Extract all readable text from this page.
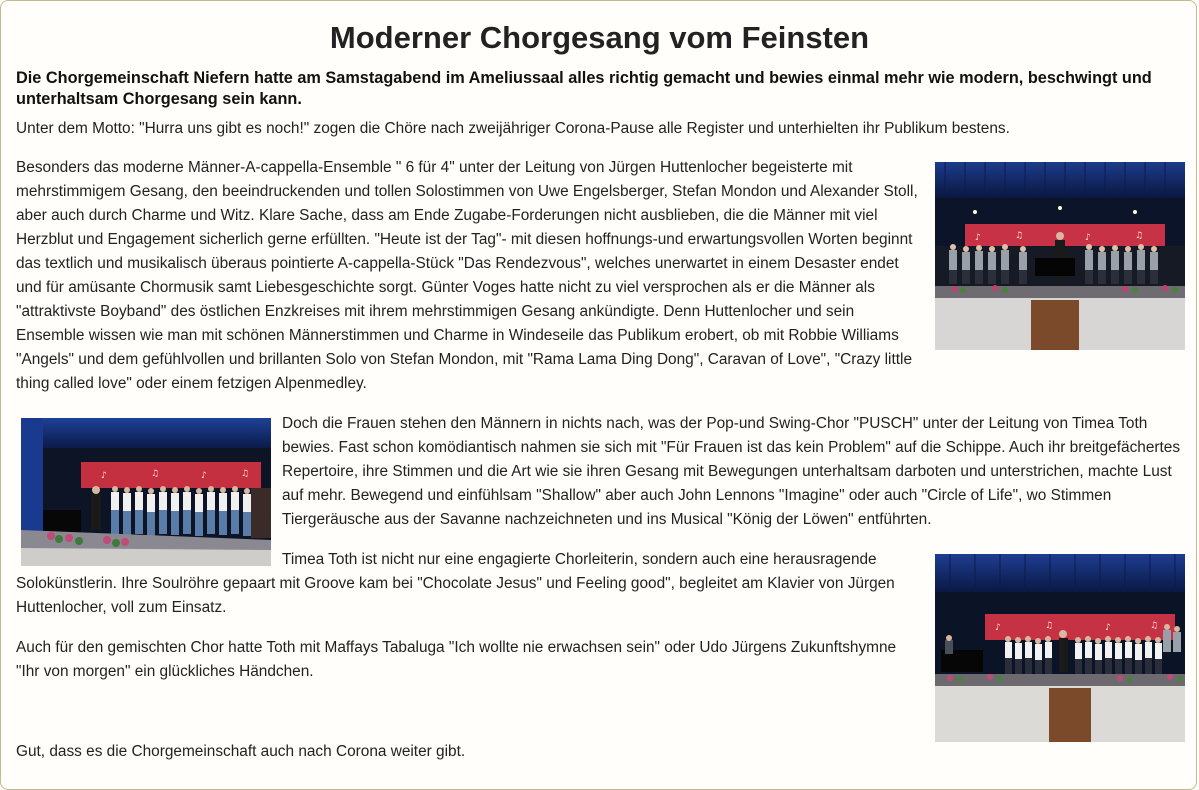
Moderner Chorgesang vom Feinsten

Die Chorgemeinschaft Niefern hatte am Samstagabend im Ameliussaal alles richtig gemacht und bewies einmal mehr wie modern, beschwingt und unterhaltsam Chorgesang sein kann.

Unter dem Motto: "Hurra uns gibt es noch!" zogen die Chöre nach zweijähriger Corona-Pause alle Register und unterhielten ihr Publikum bestens.

Besonders das moderne Männer-A-cappella-Ensemble " 6 für 4" unter der Leitung von Jürgen Huttenlocher begeisterte mit mehrstimmigem Gesang, den beeindruckenden und tollen Solostimmen von Uwe Engelsberger, Stefan Mondon und Alexander Stoll, aber auch durch Charme und Witz. Klare Sache, dass am Ende Zugabe-Forderungen nicht ausblieben, die die Männer mit viel Herzblut und Engagement sicherlich gerne erfüllten. "Heute ist der Tag"- mit diesen hoffnungs-und erwartungsvollen Worten beginnt das textlich und musikalisch überaus pointierte A-cappella-Stück "Das Rendezvous", welches unerwartet in einem Desaster endet und für amüsante Chormusik samt Liebesgeschichte sorgt. Günter Voges hatte nicht zu viel versprochen als er die Männer als "attraktivste Boyband" des östlichen Enzkreises mit ihrem mehrstimmigen Gesang ankündigte. Denn Huttenlocher und sein Ensemble wissen wie man mit schönen Männerstimmen und Charme in Windeseile das Publikum erobert, ob mit Robbie Williams "Angels" und dem gefühlvollen und brillanten Solo von Stefan Mondon, mit "Rama Lama Ding Dong", Caravan of Love", "Crazy little thing called love" oder einem fetzigen Alpenmedley.

Doch die Frauen stehen den Männern in nichts nach, was der Pop-und Swing-Chor "PUSCH" unter der Leitung von Timea Toth bewies. Fast schon komödiantisch nahmen sie sich mit "Für Frauen ist das kein Problem" auf die Schippe. Auch ihr breitgefächertes Repertoire, ihre Stimmen und die Art wie sie ihren Gesang mit Bewegungen unterhaltsam darboten und unterstrichen, machte Lust auf mehr. Bewegend und einfühlsam "Shallow" aber auch John Lennons "Imagine" oder auch "Circle of Life", wo Stimmen Tiergeräusche aus der Savanne nachzeichneten und ins Musical "König der Löwen" entführten.

Timea Toth ist nicht nur eine engagierte Chorleiterin, sondern auch eine herausragende Solokünstlerin. Ihre Soulröhre gepaart mit Groove kam bei "Chocolate Jesus" und Feeling good", begleitet am Klavier von Jürgen Huttenlocher, voll zum Einsatz.

Auch für den gemischten Chor hatte Toth mit Maffays Tabaluga "Ich wollte nie erwachsen sein" oder Udo Jürgens Zukunftshymne "Ihr von morgen" ein glückliches Händchen.

Gut, dass es die Chorgemeinschaft auch nach Corona weiter gibt.

♪	♫	♪	♫
♪	♫	♪	♫
♪	♫	♪	♫
